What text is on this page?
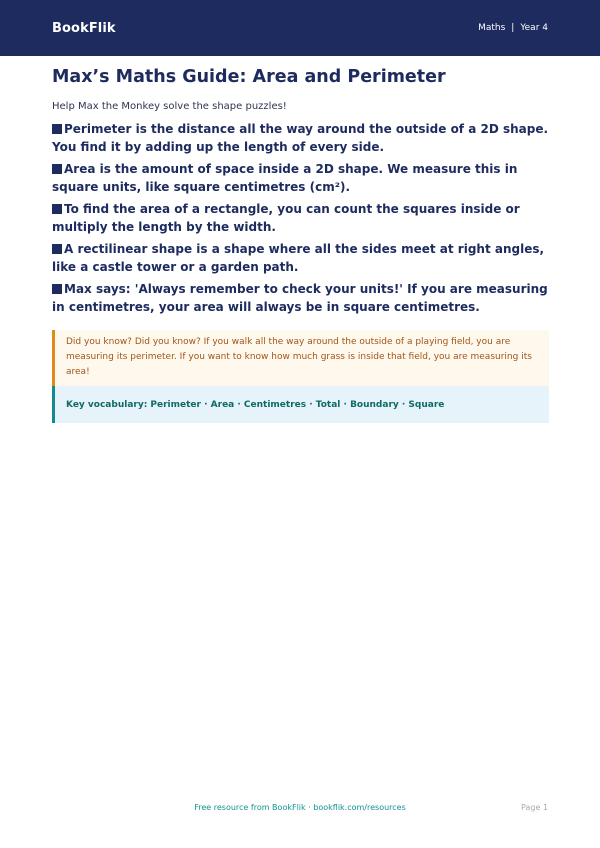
BookFlik	Maths | Year 4
Max’s Maths Guide: Area and Perimeter

Help Max the Monkey solve the shape puzzles!

Perimeter is the distance all the way around the outside of a 2D shape. You find it by adding up the length of every side.
Area is the amount of space inside a 2D shape. We measure this in square units, like square centimetres (cm²).
To find the area of a rectangle, you can count the squares inside or multiply the length by the width.
A rectilinear shape is a shape where all the sides meet at right angles, like a castle tower or a garden path.
Max says: 'Always remember to check your units!' If you are measuring in centimetres, your area will always be in square centimetres.
Did you know? Did you know? If you walk all the way around the outside of a playing field, you are measuring its perimeter. If you want to know how much grass is inside that field, you are measuring its area!
Key vocabulary: Perimeter · Area · Centimetres · Total · Boundary · Square
Free resource from BookFlik · bookflik.com/resources	Page 1
